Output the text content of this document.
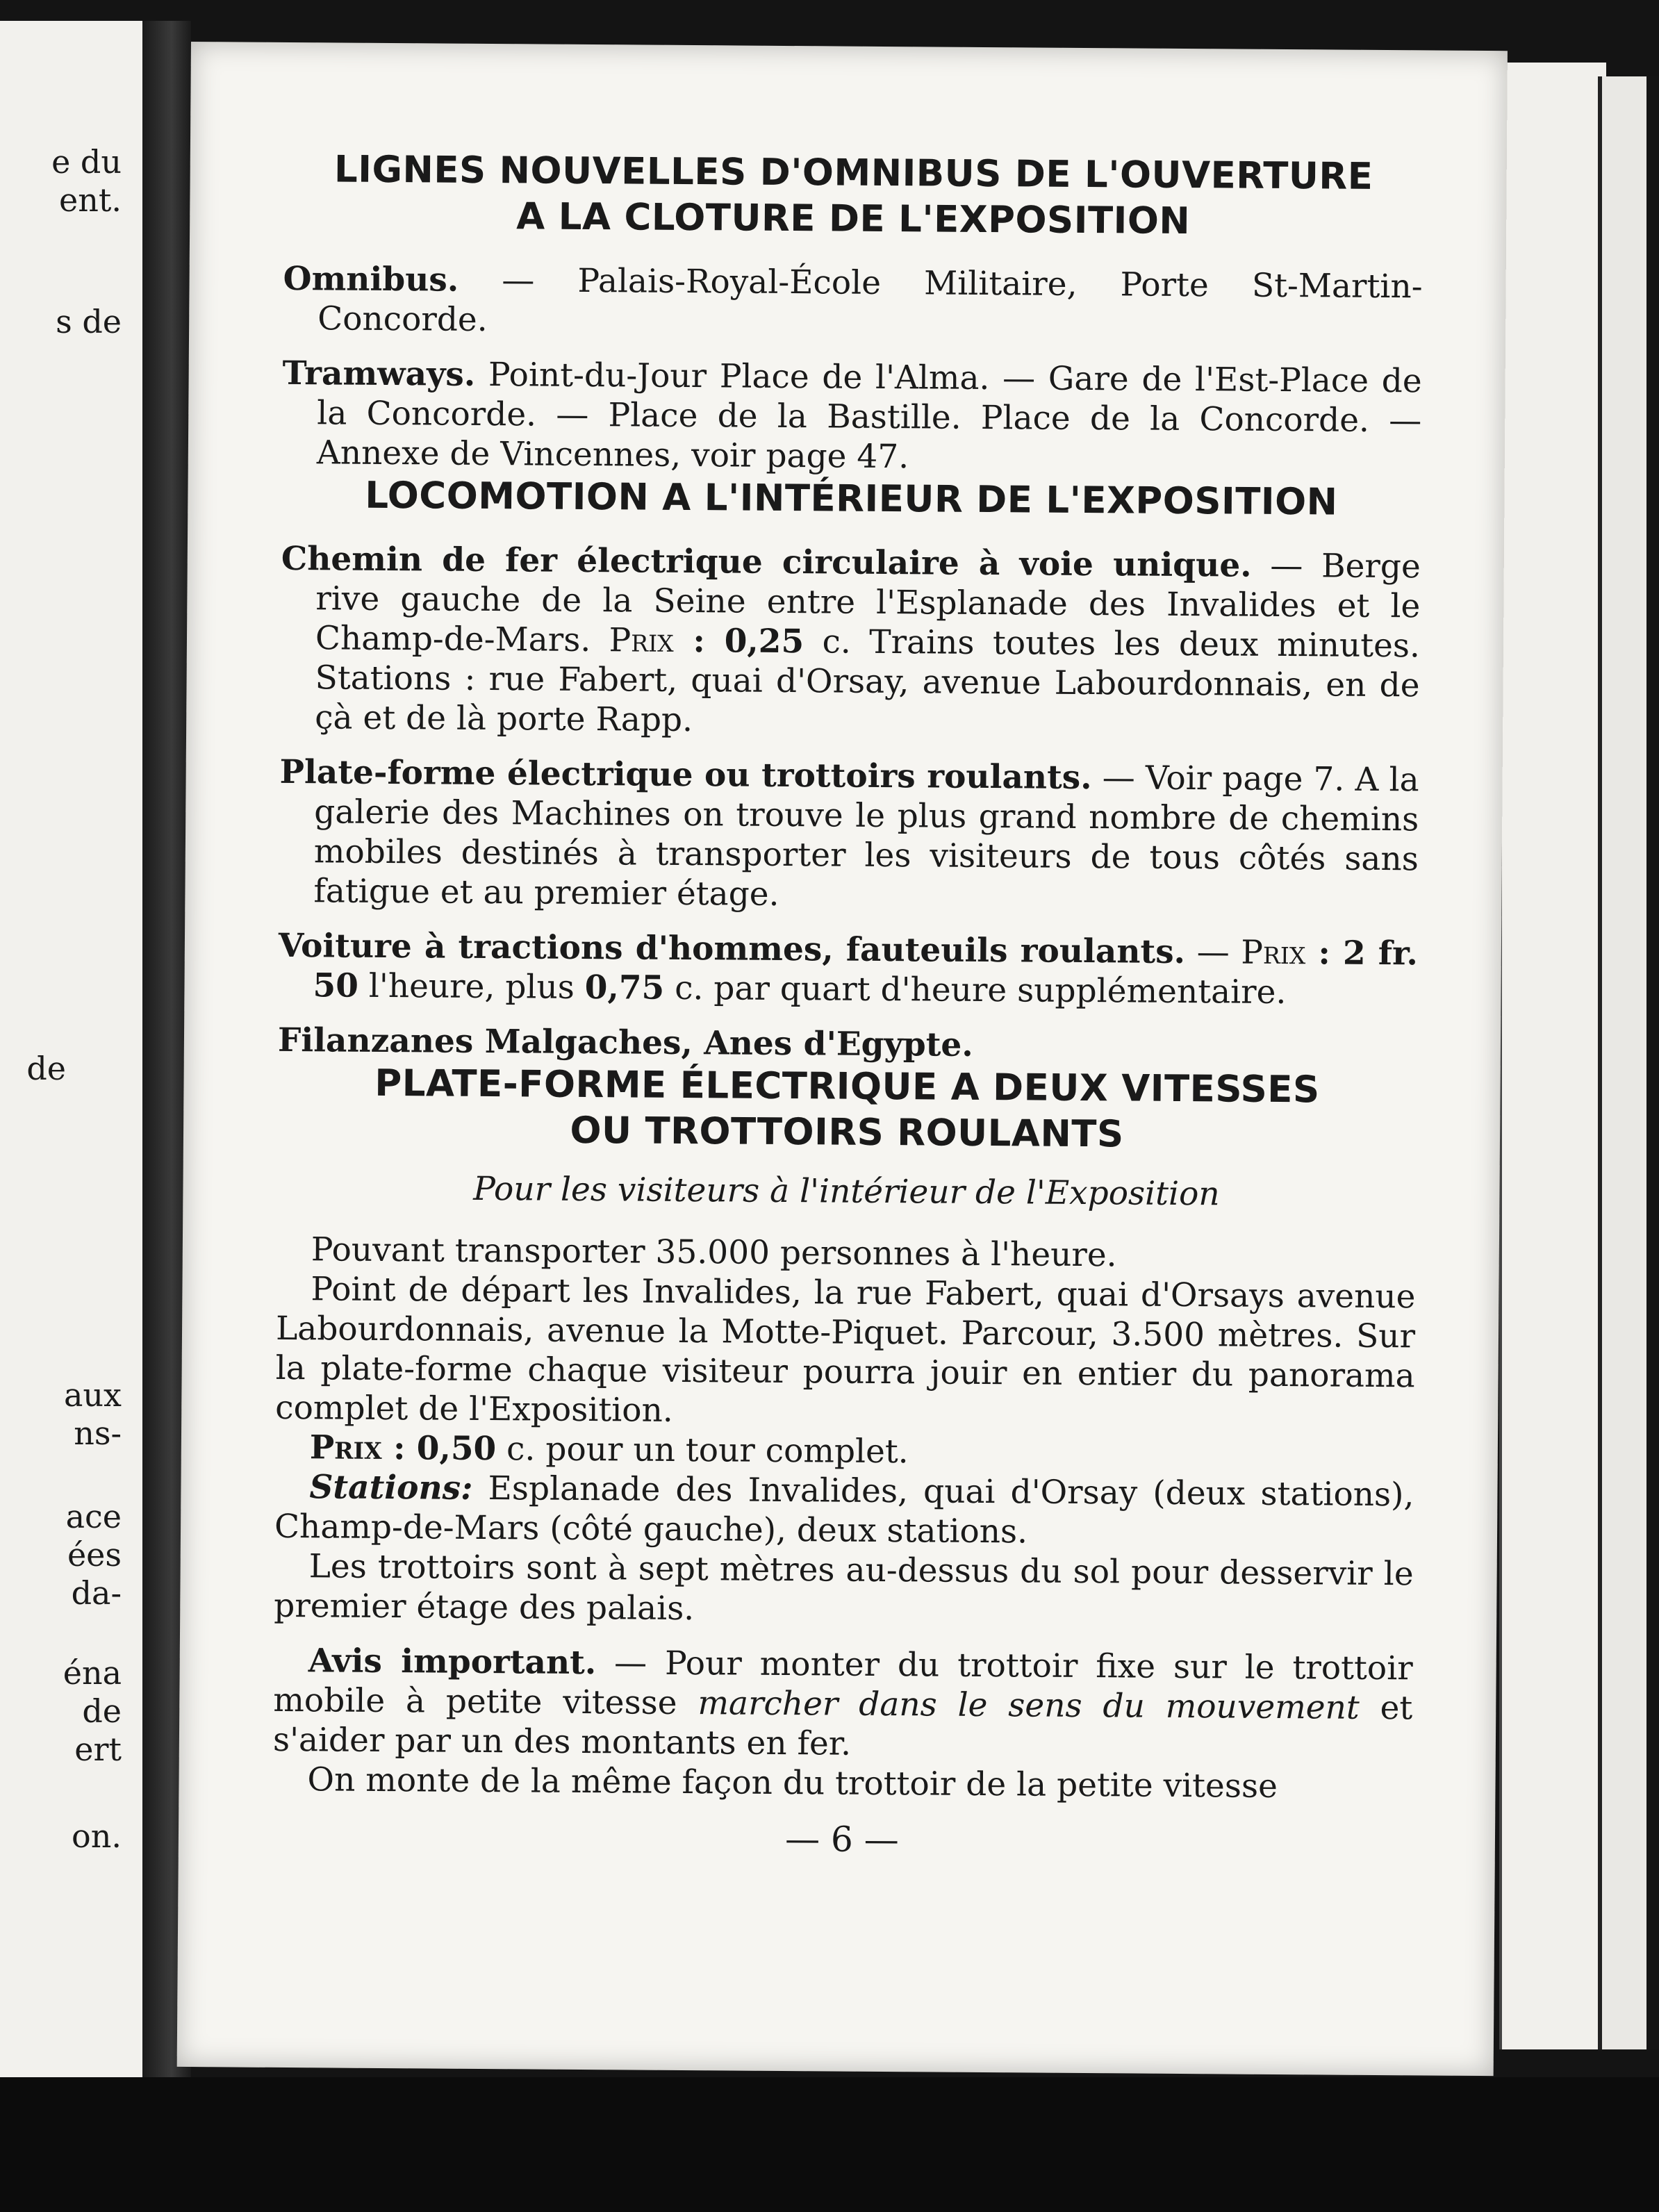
e du
ent.
s de
de
aux
ns-
ace
ées
da-
éna
de
ert
on.
LIGNES NOUVELLES D'OMNIBUS DE L'OUVERTURE
A LA CLOTURE DE L'EXPOSITION

Omnibus. — Palais-Royal-École Militaire, Porte St-Martin-Concorde.

Tramways. Point-du-Jour Place de l'Alma. — Gare de l'Est-Place de la Concorde. — Place de la Bastille. Place de la Concorde. — Annexe de Vincennes, voir page 47.

LOCOMOTION A L'INTÉRIEUR DE L'EXPOSITION

Chemin de fer électrique circulaire à voie unique. — Berge rive gauche de la Seine entre l'Esplanade des Invalides et le Champ-de-Mars. Prix : 0,25 c. Trains toutes les deux minutes. Stations : rue Fabert, quai d'Orsay, avenue Labourdonnais, en de çà et de là porte Rapp.

Plate-forme électrique ou trottoirs roulants. — Voir page 7. A la galerie des Machines on trouve le plus grand nombre de chemins mobiles destinés à transporter les visiteurs de tous côtés sans fatigue et au premier étage.

Voiture à tractions d'hommes, fauteuils roulants. — Prix : 2 fr. 50 l'heure, plus 0,75 c. par quart d'heure supplémentaire.

Filanzanes Malgaches, Anes d'Egypte.

PLATE-FORME ÉLECTRIQUE A DEUX VITESSES
OU TROTTOIRS ROULANTS

Pour les visiteurs à l'intérieur de l'Exposition

Pouvant transporter 35.000 personnes à l'heure.

Point de départ les Invalides, la rue Fabert, quai d'Orsays avenue Labourdonnais, avenue la Motte-Piquet. Parcour, 3.500 mètres. Sur la plate-forme chaque visiteur pourra jouir en entier du panorama complet de l'Exposition.

Prix : 0,50 c. pour un tour complet.

Stations: Esplanade des Invalides, quai d'Orsay (deux stations), Champ-de-Mars (côté gauche), deux stations.

Les trottoirs sont à sept mètres au-dessus du sol pour desservir le premier étage des palais.

Avis important. — Pour monter du trottoir fixe sur le trottoir mobile à petite vitesse marcher dans le sens du mouvement et s'aider par un des montants en fer.

On monte de la même façon du trottoir de la petite vitesse

— 6 —
